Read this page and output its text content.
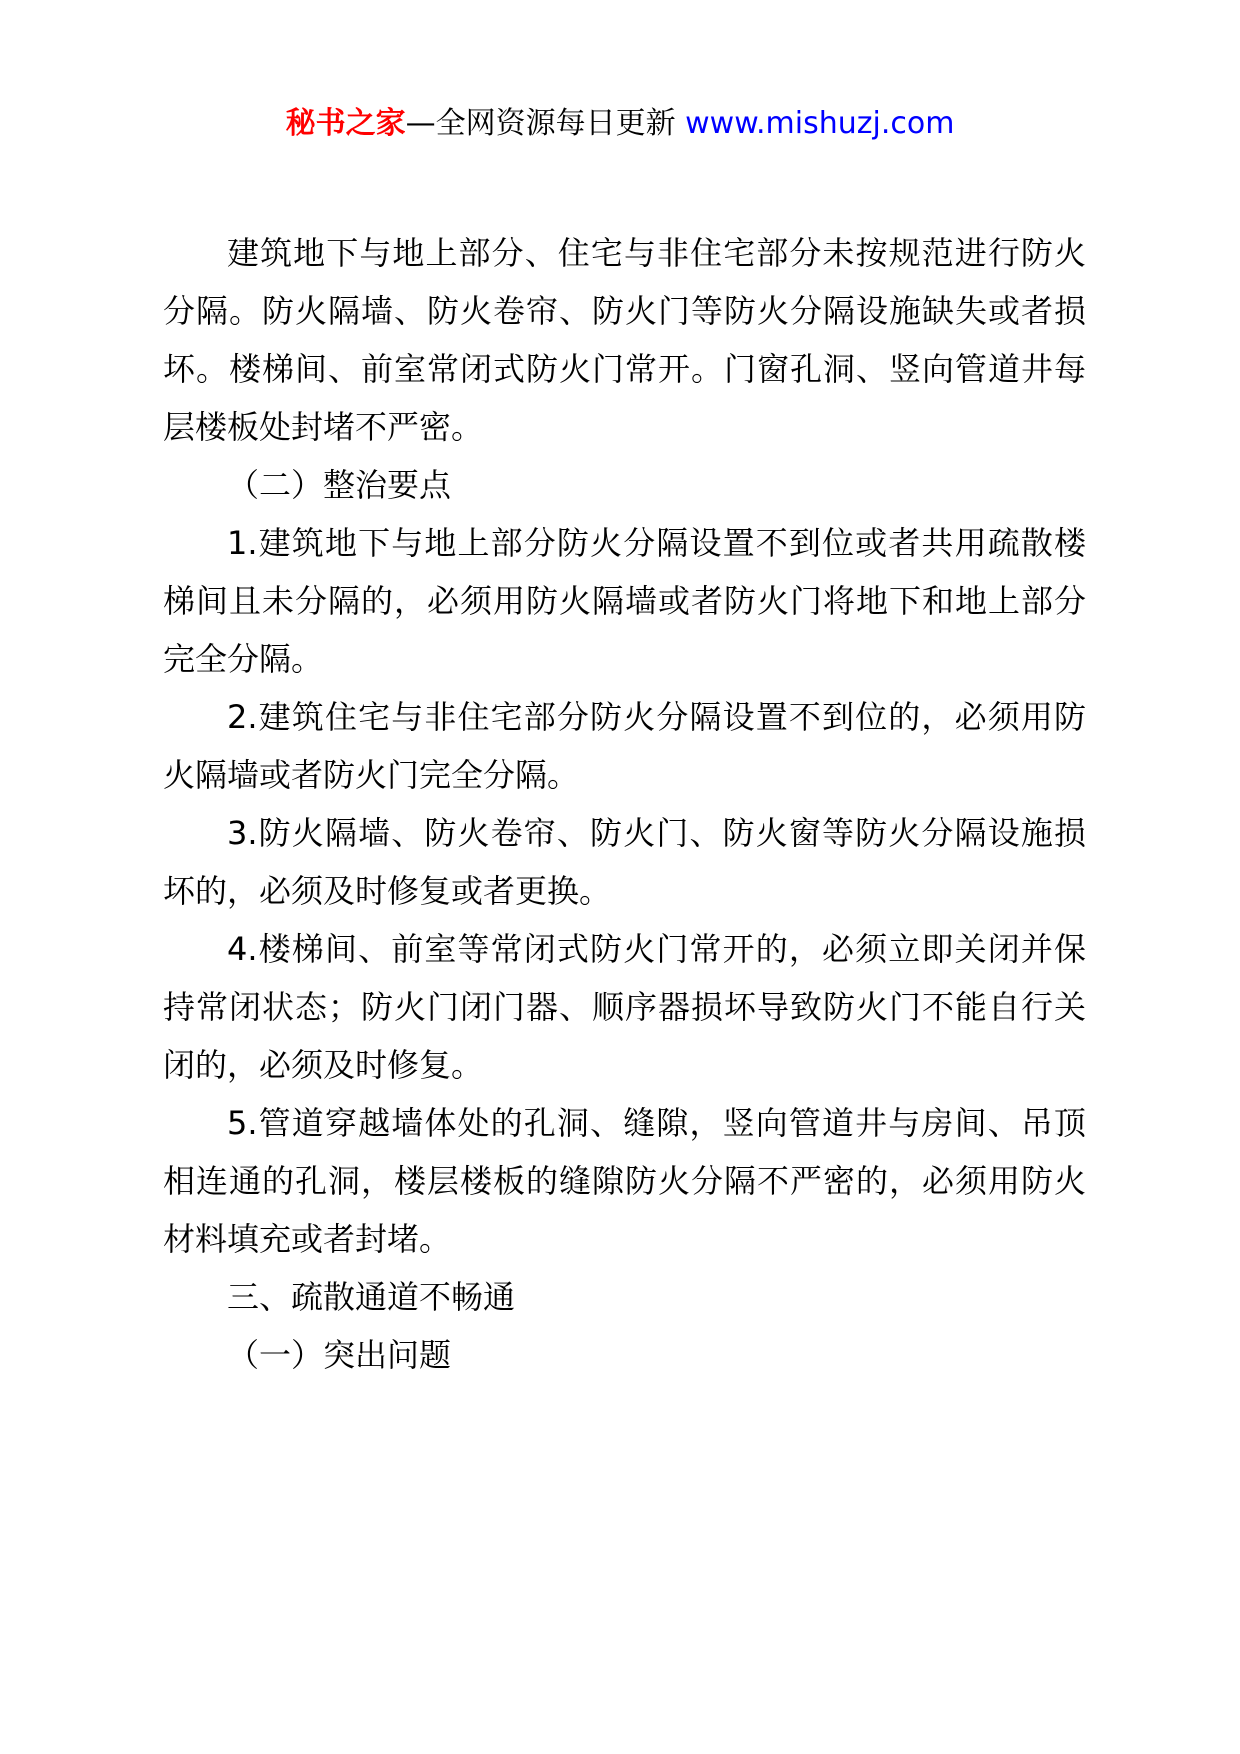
秘书之家—全网资源每日更新 www.mishuzj.com

建筑地下与地上部分、住宅与非住宅部分未按规范进行防火分隔。防火隔墙、防火卷帘、防火门等防火分隔设施缺失或者损坏。楼梯间、前室常闭式防火门常开。门窗孔洞、竖向管道井每层楼板处封堵不严密。

（二）整治要点

1.建筑地下与地上部分防火分隔设置不到位或者共用疏散楼梯间且未分隔的，必须用防火隔墙或者防火门将地下和地上部分完全分隔。

2.建筑住宅与非住宅部分防火分隔设置不到位的，必须用防火隔墙或者防火门完全分隔。

3.防火隔墙、防火卷帘、防火门、防火窗等防火分隔设施损坏的，必须及时修复或者更换。

4.楼梯间、前室等常闭式防火门常开的，必须立即关闭并保持常闭状态；防火门闭门器、顺序器损坏导致防火门不能自行关闭的，必须及时修复。

5.管道穿越墙体处的孔洞、缝隙，竖向管道井与房间、吊顶相连通的孔洞，楼层楼板的缝隙防火分隔不严密的，必须用防火材料填充或者封堵。

三、疏散通道不畅通

（一）突出问题
